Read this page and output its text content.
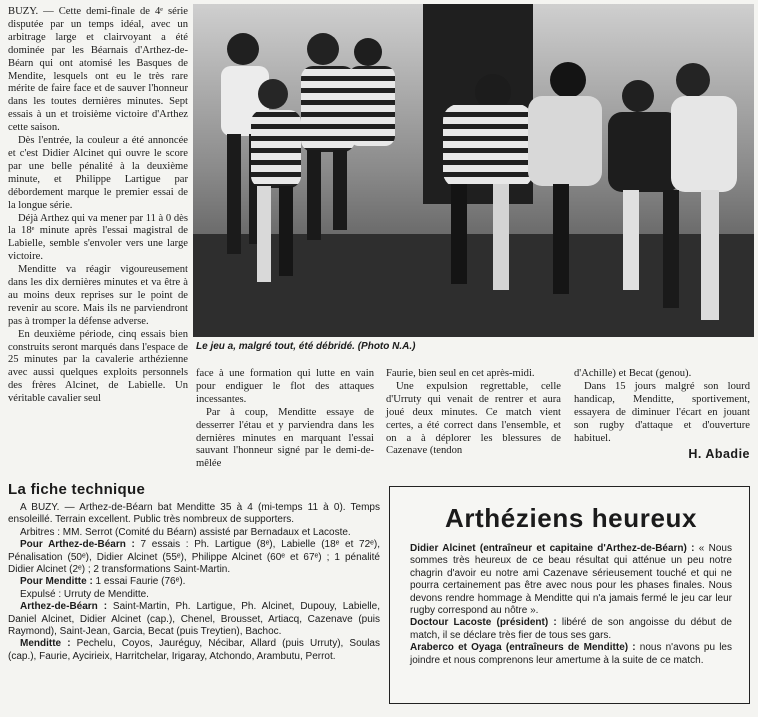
BUZY. — Cette demi-finale de 4ᵉ série disputée par un temps idéal, avec un arbitrage large et clairvoyant a été dominée par les Béarnais d'Arthez-de-Béarn qui ont atomisé les Basques de Mendite, lesquels ont eu le très rare mérite de faire face et de sauver l'honneur dans les toutes dernières minutes. Sept essais à un et troisième victoire d'Arthez cette saison.

Dès l'entrée, la couleur a été annoncée et c'est Didier Alcinet qui ouvre le score par une belle pénalité à la deuxième minute, et Philippe Lartigue par débordement marque le premier essai de la longue série.

Déjà Arthez qui va mener par 11 à 0 dès la 18ᵉ minute après l'essai magistral de Labielle, semble s'envoler vers une large victoire.

Menditte va réagir vigoureusement dans les dix dernières minutes et va être à au moins deux reprises sur le point de revenir au score. Mais ils ne parviendront pas à tromper la défense adverse.

En deuxième période, cinq essais bien construits seront marqués dans l'espace de 25 minutes par la cavalerie arthézienne avec aussi quelques exploits personnels des frères Alcinet, de Labielle. Un véritable cavalier seul

Le jeu a, malgré tout, été débridé. (Photo N.A.)

face à une formation qui lutte en vain pour endiguer le flot des attaques incessantes.

Par à coup, Menditte essaye de desserrer l'étau et y parviendra dans les dernières minutes en marquant l'essai sauvant l'honneur signé par le demi-de-mêlée

Faurie, bien seul en cet après-midi.

Une expulsion regrettable, celle d'Urruty qui venait de rentrer et aura joué deux minutes. Ce match vient certes, a été correct dans l'ensemble, et on a à déplorer les blessures de Cazenave (tendon

d'Achille) et Becat (genou).

Dans 15 jours malgré son lourd handicap, Menditte, sportivement, essayera de diminuer l'écart en jouant son rugby d'attaque et d'ouverture habituel.

H. Abadie
La fiche technique

A BUZY. — Arthez-de-Béarn bat Menditte 35 à 4 (mi-temps 11 à 0). Temps ensoleillé. Terrain excellent. Public très nombreux de supporters.

Arbitres : MM. Serrot (Comité du Béarn) assisté par Bernadaux et Lacoste.

Pour Arthez-de-Béarn : 7 essais : Ph. Lartigue (8ᵉ), Labielle (18ᵉ et 72ᵉ), Pénalisation (50ᵉ), Didier Alcinet (55ᵉ), Philippe Alcinet (60ᵉ et 67ᵉ) ; 1 pénalité Didier Alcinet (2ᵉ) ; 2 transformations Saint-Martin.

Pour Menditte : 1 essai Faurie (76ᵉ).

Expulsé : Urruty de Menditte.

Arthez-de-Béarn : Saint-Martin, Ph. Lartigue, Ph. Alcinet, Dupouy, Labielle, Daniel Alcinet, Didier Alcinet (cap.), Chenel, Brousset, Artiacq, Cazenave (puis Raymond), Saint-Jean, Garcia, Becat (puis Treytien), Bachoc.

Menditte : Pechelu, Coyos, Jauréguy, Nécibar, Allard (puis Urruty), Soulas (cap.), Faurie, Aycirieix, Harritchelar, Irigaray, Atchondo, Arambutu, Perrot.

Arthéziens heureux

Didier Alcinet (entraîneur et capitaine d'Arthez-de-Béarn) : « Nous sommes très heureux de ce beau résultat qui atténue un peu notre chagrin d'avoir eu notre ami Cazenave sérieusement touché et qui ne pourra certainement pas être avec nous pour les phases finales. Nous devons rendre hommage à Menditte qui n'a jamais fermé le jeu car leur rugby correspond au nôtre ».

Doctour Lacoste (président) : libéré de son angoisse du début de match, il se déclare très fier de tous ses gars.

Araberco et Oyaga (entraîneurs de Menditte) : nous n'avons pu les joindre et nous comprenons leur amertume à la suite de ce match.
